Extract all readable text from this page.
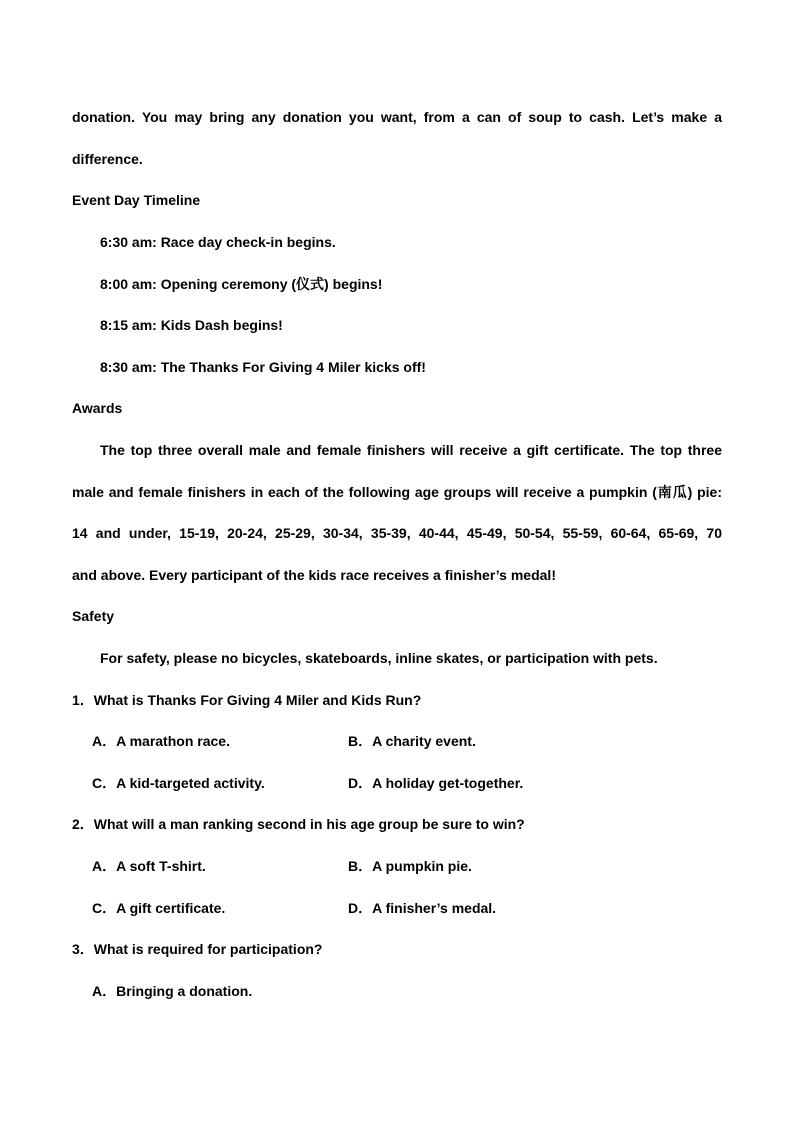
donation. You may bring any donation you want, from a can of soup to cash. Let’s make a
difference.
Event Day Timeline
6:30 am: Race day check-in begins.
8:00 am: Opening ceremony (仪式) begins!
8:15 am: Kids Dash begins!
8:30 am: The Thanks For Giving 4 Miler kicks off!
Awards
The top three overall male and female finishers will receive a gift certificate. The top three
male and female finishers in each of the following age groups will receive a pumpkin (南瓜) pie:
14 and under, 15-19, 20-24, 25-29, 30-34, 35-39, 40-44, 45-49, 50-54, 55-59, 60-64, 65-69, 70
and above. Every participant of the kids race receives a finisher’s medal!
Safety
For safety, please no bicycles, skateboards, inline skates, or participation with pets.
1．What is Thanks For Giving 4 Miler and Kids Run?
A．A marathon race.	B．A charity event.
C．A kid-targeted activity.	D．A holiday get-together.
2．What will a man ranking second in his age group be sure to win?
A．A soft T-shirt.	B．A pumpkin pie.
C．A gift certificate.	D．A finisher’s medal.
3．What is required for participation?
A．Bringing a donation.
